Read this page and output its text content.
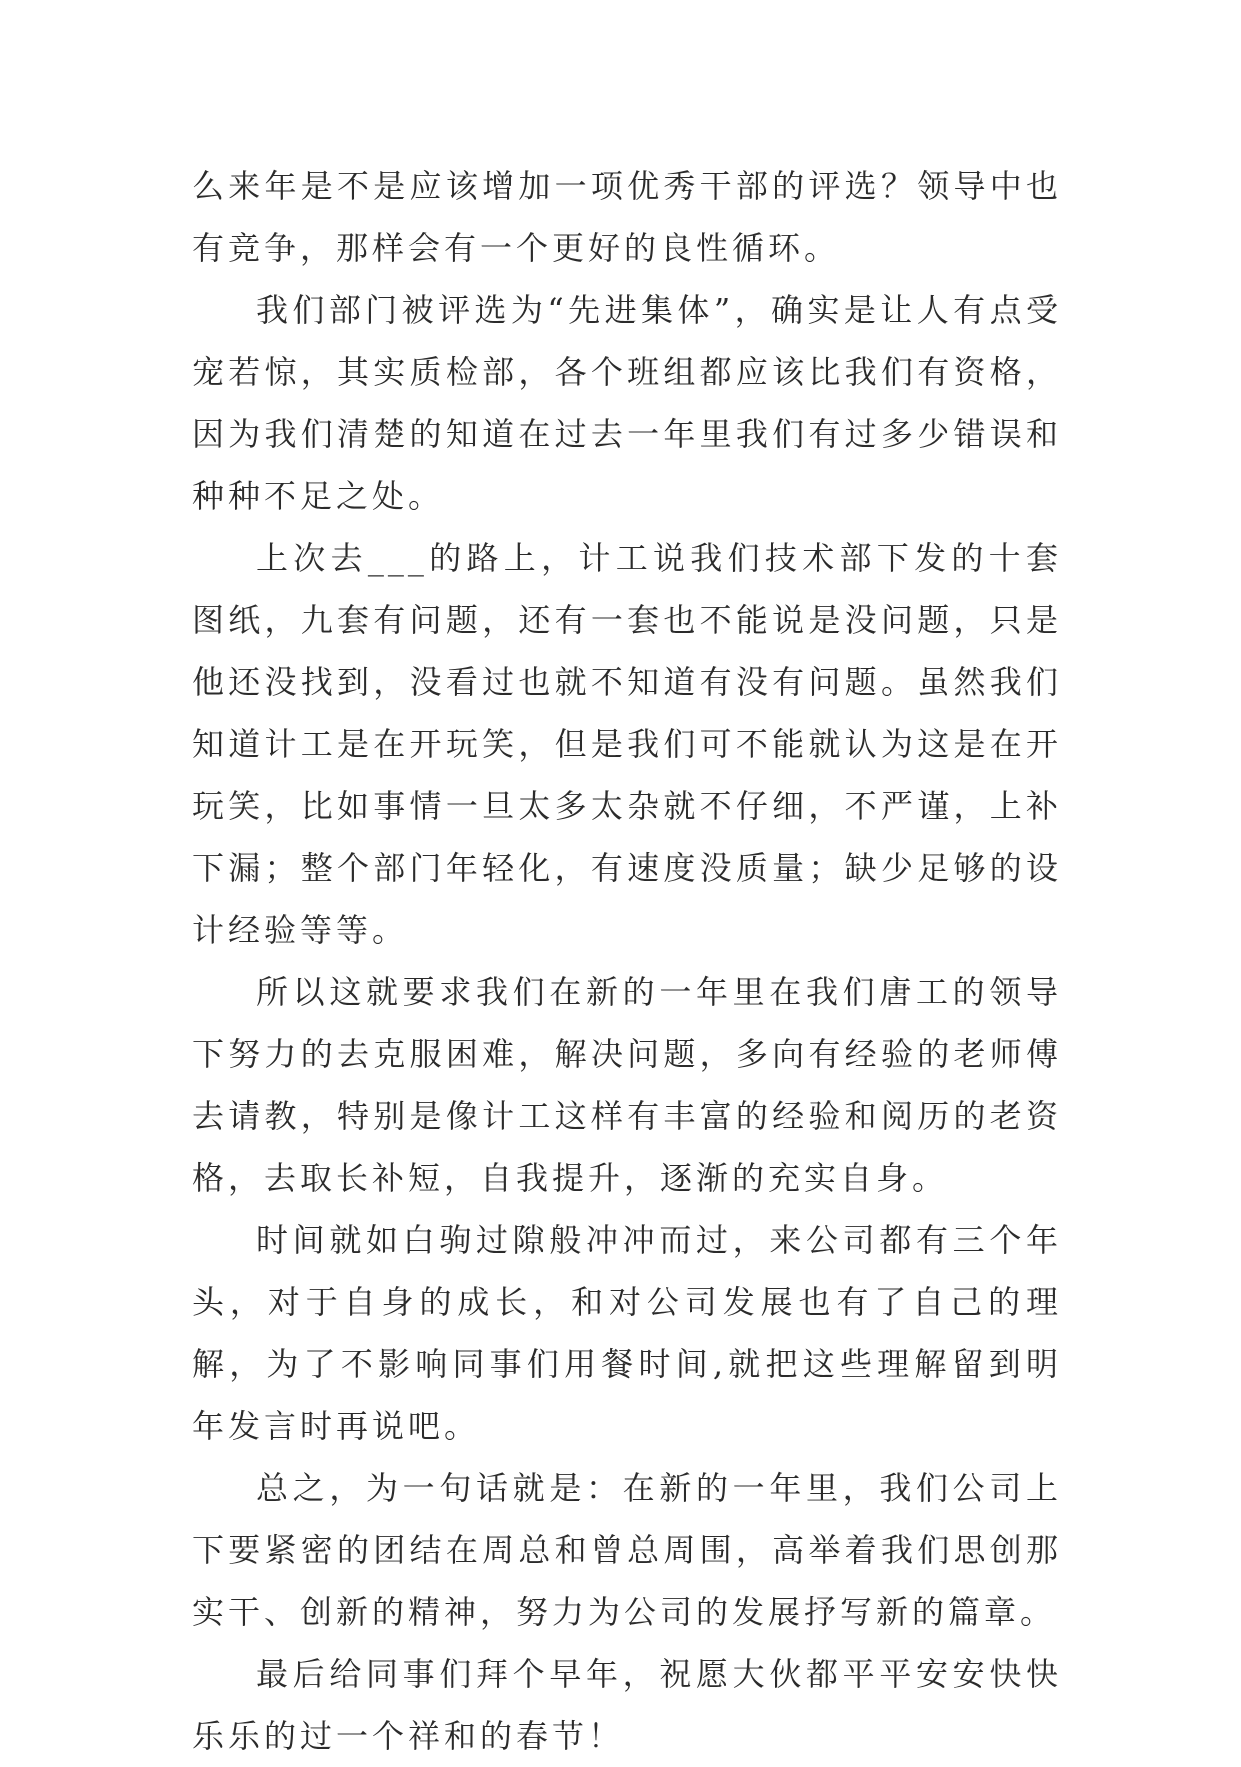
么来年是不是应该增加一项优秀干部的评选？领导中也有竞争，那样会有一个更好的良性循环。

我们部门被评选为“先进集体”，确实是让人有点受宠若惊，其实质检部，各个班组都应该比我们有资格，因为我们清楚的知道在过去一年里我们有过多少错误和种种不足之处。

上次去___的路上，计工说我们技术部下发的十套图纸，九套有问题，还有一套也不能说是没问题，只是他还没找到，没看过也就不知道有没有问题。虽然我们知道计工是在开玩笑，但是我们可不能就认为这是在开玩笑，比如事情一旦太多太杂就不仔细，不严谨，上补下漏；整个部门年轻化，有速度没质量；缺少足够的设计经验等等。

所以这就要求我们在新的一年里在我们唐工的领导下努力的去克服困难，解决问题，多向有经验的老师傅去请教，特别是像计工这样有丰富的经验和阅历的老资格，去取长补短，自我提升，逐渐的充实自身。

时间就如白驹过隙般冲冲而过，来公司都有三个年头，对于自身的成长，和对公司发展也有了自己的理解，为了不影响同事们用餐时间,就把这些理解留到明年发言时再说吧。

总之，为一句话就是：在新的一年里，我们公司上下要紧密的团结在周总和曾总周围，高举着我们思创那实干、创新的精神，努力为公司的发展抒写新的篇章。

最后给同事们拜个早年，祝愿大伙都平平安安快快乐乐的过一个祥和的春节！
